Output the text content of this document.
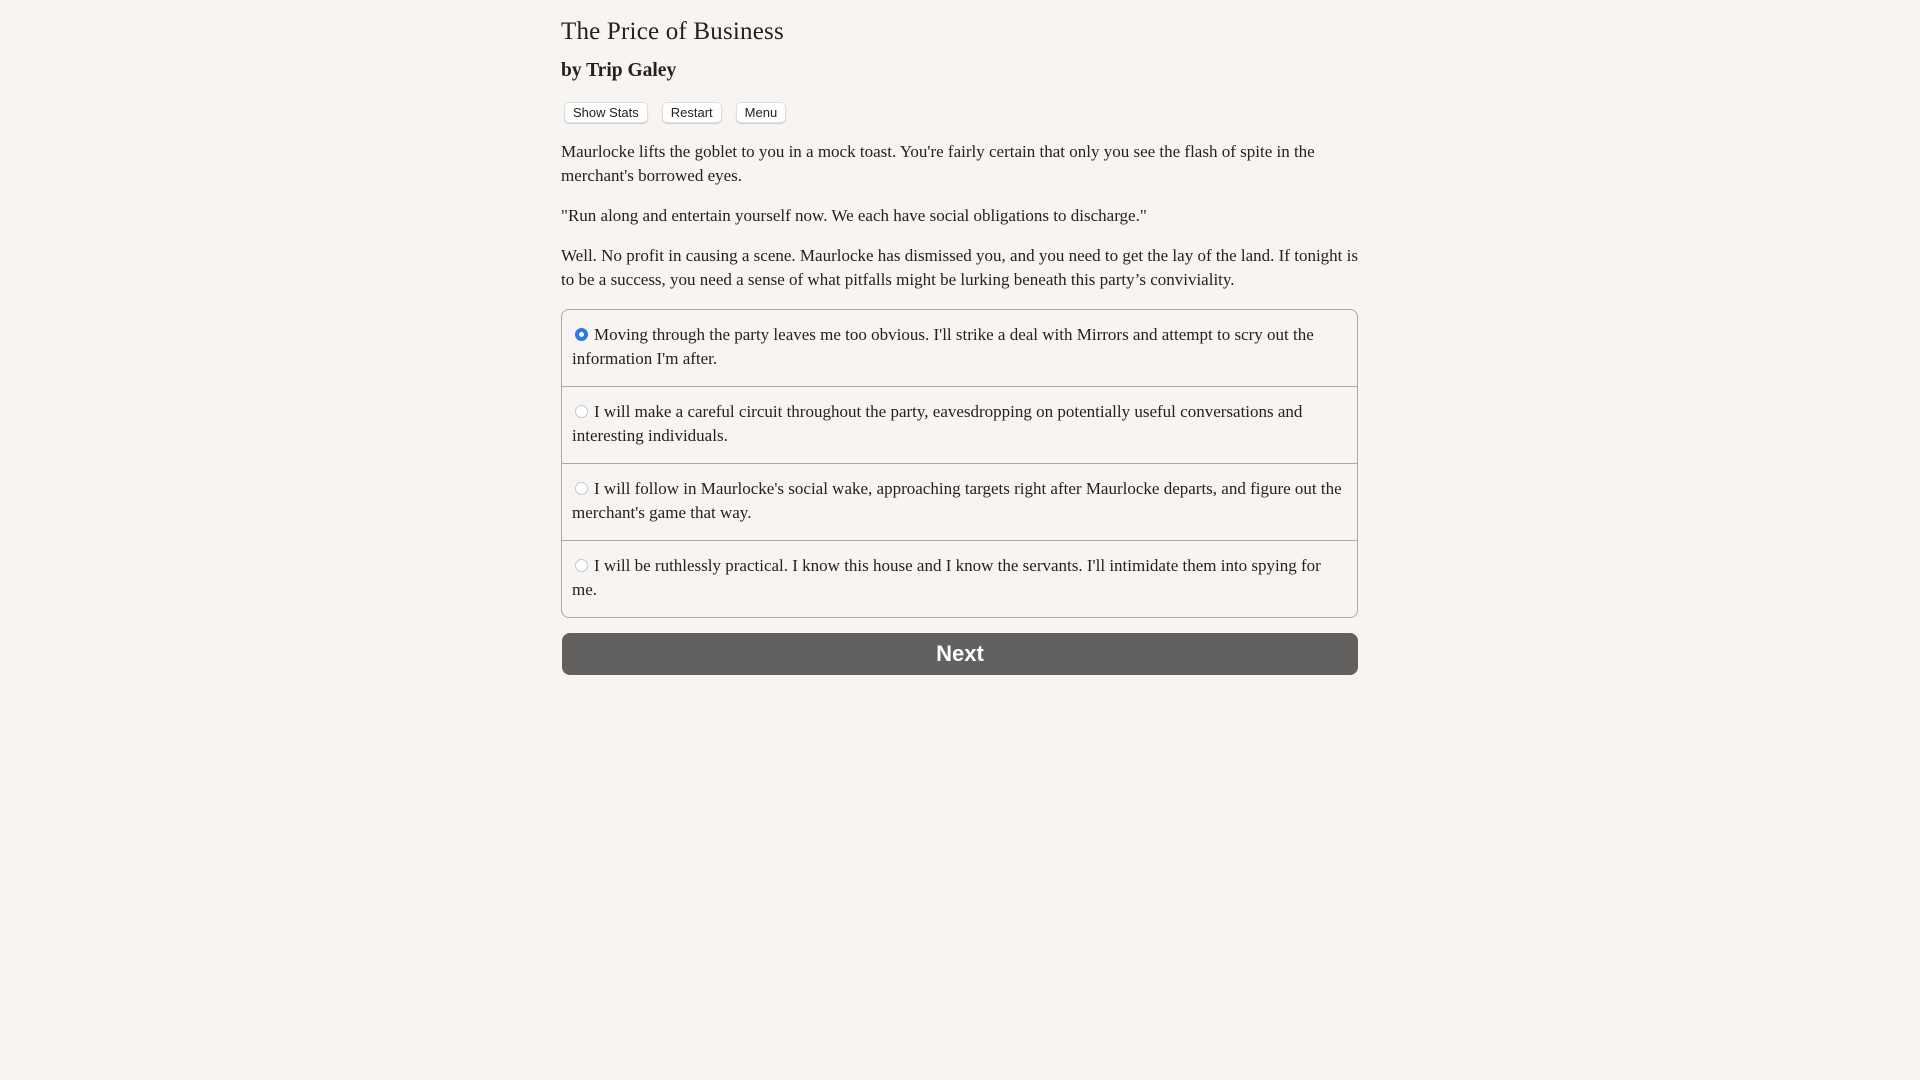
The Price of Business
by Trip Galey
Show Stats	Restart	Menu

Maurlocke lifts the goblet to you in a mock toast. You're fairly certain that only you see the flash of spite in the merchant's borrowed eyes.

"Run along and entertain yourself now. We each have social obligations to discharge."

Well. No profit in causing a scene. Maurlocke has dismissed you, and you need to get the lay of the land. If tonight is to be a success, you need a sense of what pitfalls might be lurking beneath this party’s conviviality.

Moving through the party leaves me too obvious. I'll strike a deal with Mirrors and attempt to scry out the information I'm after.
I will make a careful circuit throughout the party, eavesdropping on potentially useful conversations and interesting individuals.
I will follow in Maurlocke's social wake, approaching targets right after Maurlocke departs, and figure out the merchant's game that way.
I will be ruthlessly practical. I know this house and I know the servants. I'll intimidate them into spying for me.
Next
